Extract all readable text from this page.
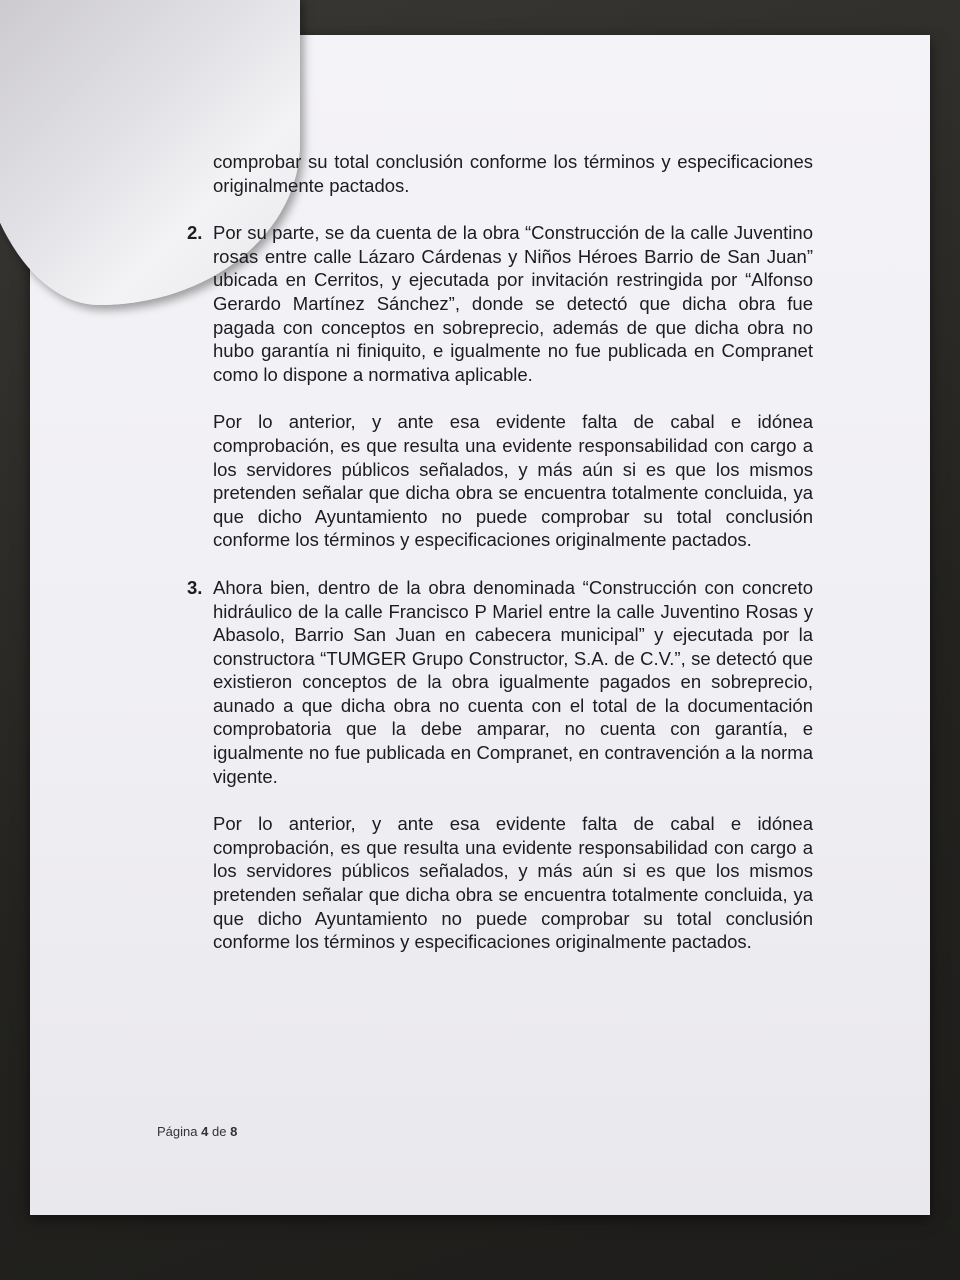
comprobar su total conclusión conforme los términos y especificaciones originalmente pactados.

2. Por su parte, se da cuenta de la obra “Construcción de la calle Juventino rosas entre calle Lázaro Cárdenas y Niños Héroes Barrio de San Juan” ubicada en Cerritos, y ejecutada por invitación restringida por “Alfonso Gerardo Martínez Sánchez”, donde se detectó que dicha obra fue pagada con conceptos en sobreprecio, además de que dicha obra no hubo garantía ni finiquito, e igualmente no fue publicada en Compranet como lo dispone a normativa aplicable.

Por lo anterior, y ante esa evidente falta de cabal e idónea comprobación, es que resulta una evidente responsabilidad con cargo a los servidores públicos señalados, y más aún si es que los mismos pretenden señalar que dicha obra se encuentra totalmente concluida, ya que dicho Ayuntamiento no puede comprobar su total conclusión conforme los términos y especificaciones originalmente pactados.

3. Ahora bien, dentro de la obra denominada “Construcción con concreto hidráulico de la calle Francisco P Mariel entre la calle Juventino Rosas y Abasolo, Barrio San Juan en cabecera municipal” y ejecutada por la constructora “TUMGER Grupo Constructor, S.A. de C.V.”, se detectó que existieron conceptos de la obra igualmente pagados en sobreprecio, aunado a que dicha obra no cuenta con el total de la documentación comprobatoria que la debe amparar, no cuenta con garantía, e igualmente no fue publicada en Compranet, en contravención a la norma vigente.

Por lo anterior, y ante esa evidente falta de cabal e idónea comprobación, es que resulta una evidente responsabilidad con cargo a los servidores públicos señalados, y más aún si es que los mismos pretenden señalar que dicha obra se encuentra totalmente concluida, ya que dicho Ayuntamiento no puede comprobar su total conclusión conforme los términos y especificaciones originalmente pactados.

Página 4 de 8
